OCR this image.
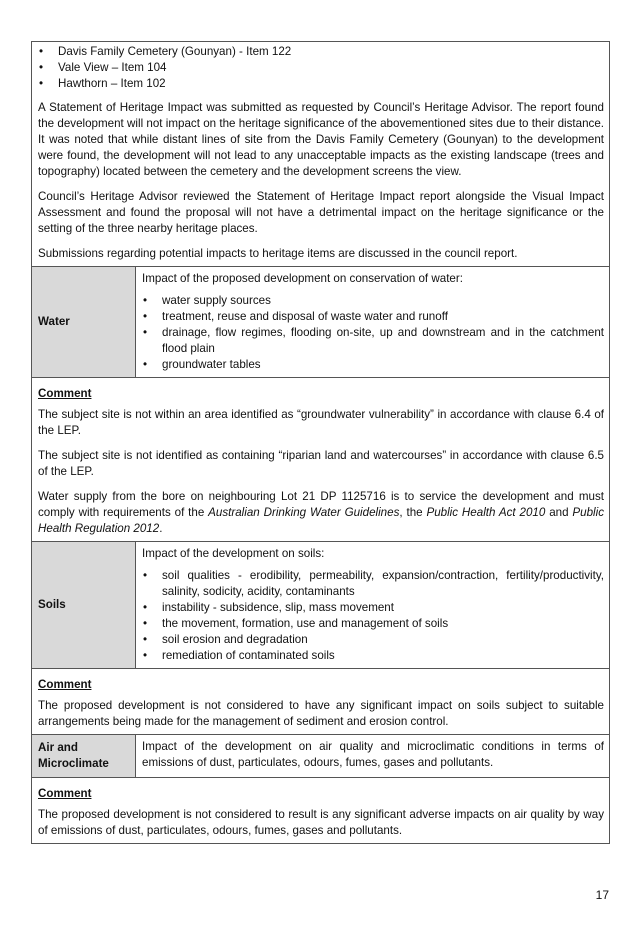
• Davis Family Cemetery (Gounyan) - Item 122
• Vale View – Item 104
• Hawthorn – Item 102

A Statement of Heritage Impact was submitted as requested by Council’s Heritage Advisor. The report found the development will not impact on the heritage significance of the abovementioned sites due to their distance. It was noted that while distant lines of site from the Davis Family Cemetery (Gounyan) to the development were found, the development will not lead to any unacceptable impacts as the existing landscape (trees and topography) located between the cemetery and the development screens the view.

Council’s Heritage Advisor reviewed the Statement of Heritage Impact report alongside the Visual Impact Assessment and found the proposal will not have a detrimental impact on the heritage significance or the setting of the three nearby heritage places.

Submissions regarding potential impacts to heritage items are discussed in the council report.

Water

Impact of the proposed development on conservation of water:

• water supply sources
• treatment, reuse and disposal of waste water and runoff
• drainage, flow regimes, flooding on-site, up and downstream and in the catchment flood plain
• groundwater tables
Comment

The subject site is not within an area identified as “groundwater vulnerability” in accordance with clause 6.4 of the LEP.

The subject site is not identified as containing “riparian land and watercourses” in accordance with clause 6.5 of the LEP.

Water supply from the bore on neighbouring Lot 21 DP 1125716 is to service the development and must comply with requirements of the Australian Drinking Water Guidelines, the Public Health Act 2010 and Public Health Regulation 2012.

Soils

Impact of the development on soils:

• soil qualities - erodibility, permeability, expansion/contraction, fertility/productivity, salinity, sodicity, acidity, contaminants
• instability - subsidence, slip, mass movement
• the movement, formation, use and management of soils
• soil erosion and degradation
• remediation of contaminated soils
Comment

The proposed development is not considered to have any significant impact on soils subject to suitable arrangements being made for the management of sediment and erosion control.

Air and
Microclimate

Impact of the development on air quality and microclimatic conditions in terms of emissions of dust, particulates, odours, fumes, gases and pollutants.

Comment

The proposed development is not considered to result is any significant adverse impacts on air quality by way of emissions of dust, particulates, odours, fumes, gases and pollutants.

17
